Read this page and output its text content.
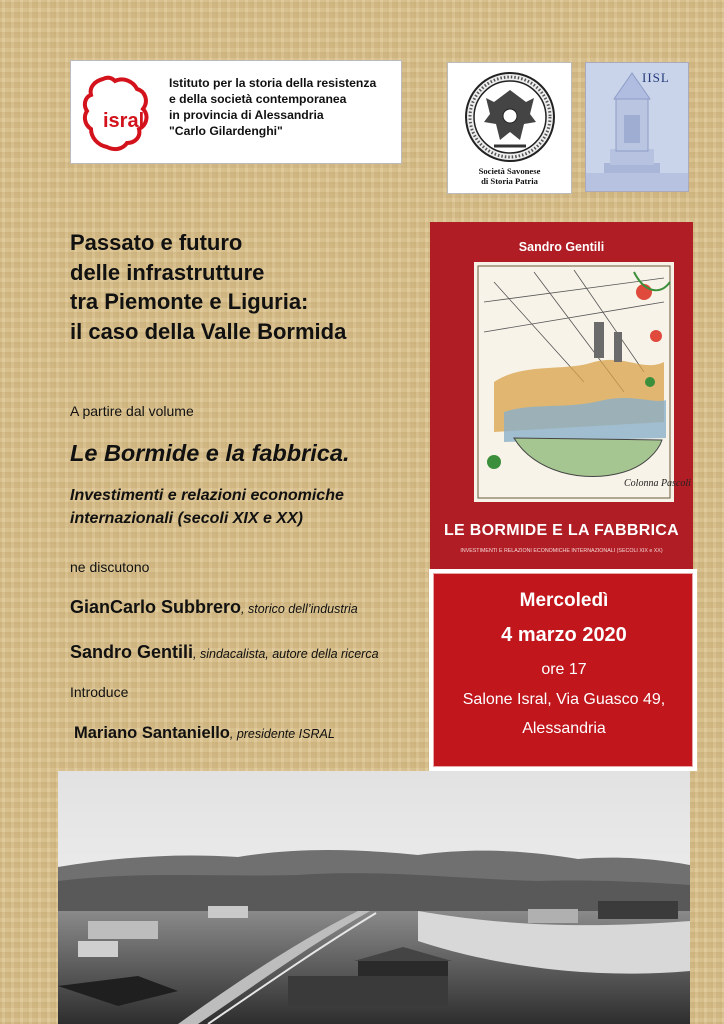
isral
Istituto per la storia della resistenza
e della società contemporanea
in provincia di Alessandria
"Carlo Gilardenghi"
Società Savonese
di Storia Patria
IISL
Passato e futuro
delle infrastrutture
tra Piemonte e Liguria:
il caso della Valle Bormida
A partire dal volume
Le Bormide e la fabbrica.
Investimenti e relazioni economiche
internazionali (secoli XIX e XX)
ne discutono
GianCarlo Subbrero, storico dell’industria
Sandro Gentili, sindacalista, autore della ricerca
Introduce
Mariano Santaniello, presidente ISRAL
Sandro Gentili
Colonna Pascoli
LE BORMIDE E LA FABBRICA
INVESTIMENTI E RELAZIONI ECONOMICHE INTERNAZIONALI (SECOLI XIX e XX)
Mercoledì
4 marzo 2020
ore 17
Salone Isral, Via Guasco 49,
Alessandria
